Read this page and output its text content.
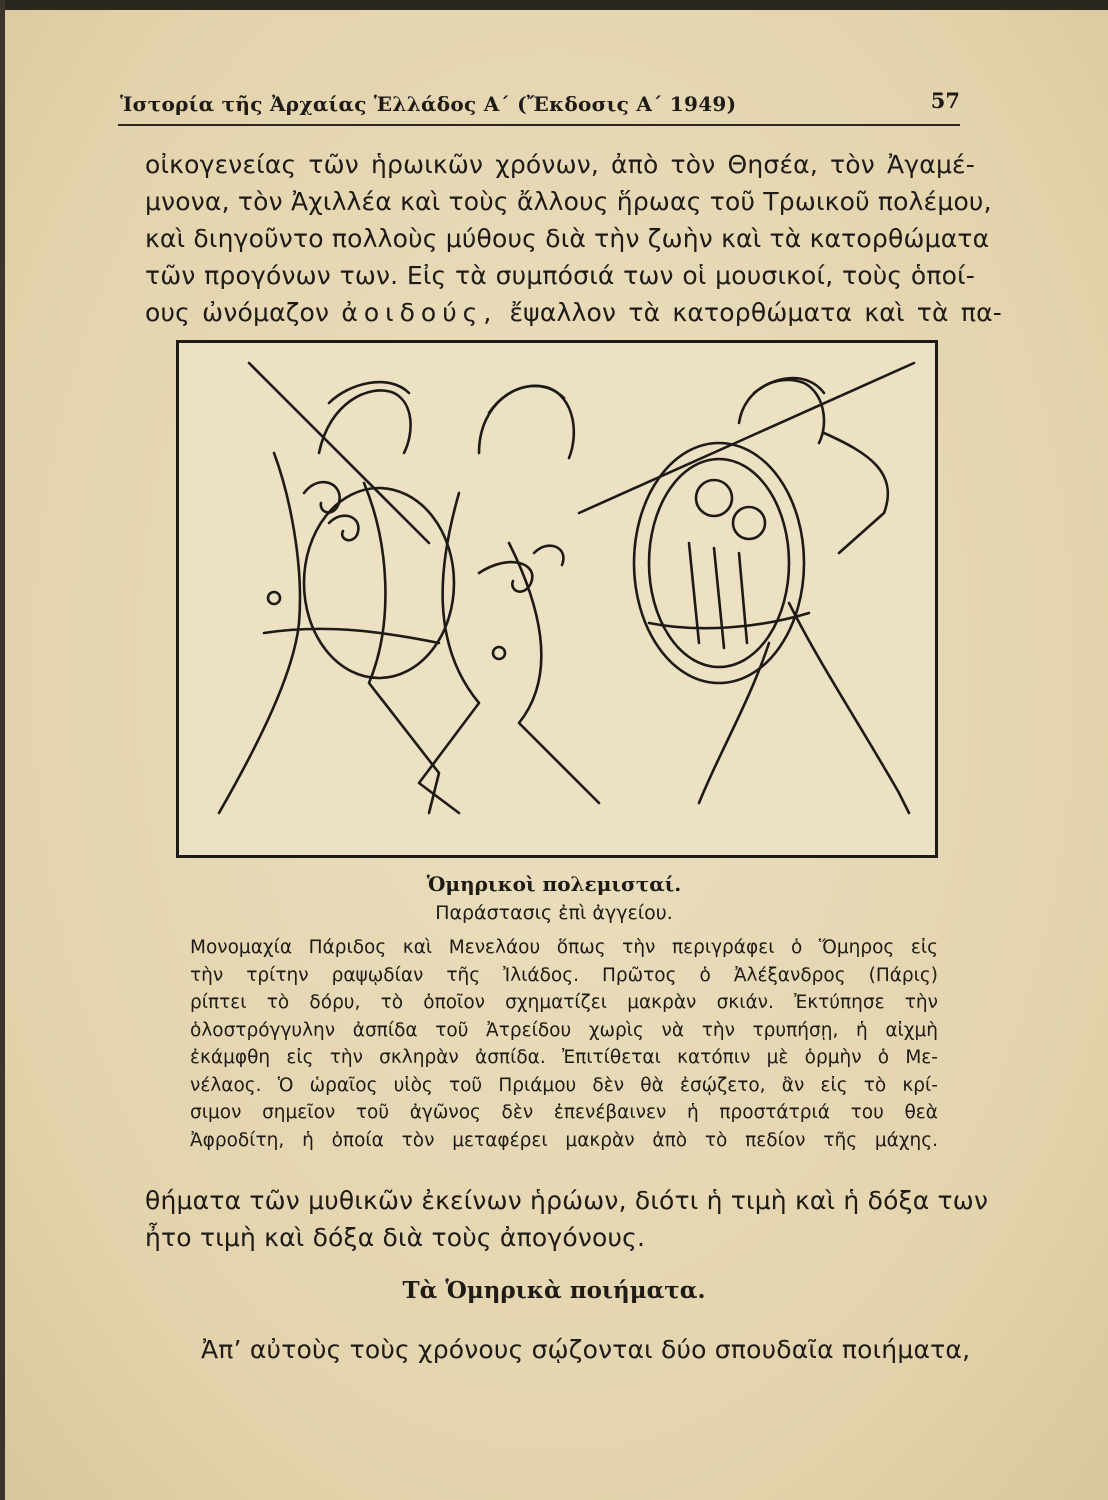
Ἱστορία τῆς Ἀρχαίας Ἑλλάδος Α΄ (Ἔκδοσις Α΄ 1949)	57
οἰκογενείας τῶν ἡρωικῶν χρόνων, ἀπὸ τὸν Θησέα, τὸν Ἀγαμέ-
μνονα, τὸν Ἀχιλλέα καὶ τοὺς ἄλλους ἥρωας τοῦ Τρωικοῦ πολέμου,
καὶ διηγοῦντο πολλοὺς μύθους διὰ τὴν ζωὴν καὶ τὰ κατορθώματα
τῶν προγόνων των. Εἰς τὰ συμπόσιά των οἱ μουσικοί, τοὺς ὁποί-
ους ὠνόμαζον ἀοιδούς, ἔψαλλον τὰ κατορθώματα καὶ τὰ πα-
Ὁμηρικοὶ πολεμισταί.
Παράστασις ἐπὶ ἀγγείου.
Μονομαχία Πάριδος καὶ Μενελάου ὅπως τὴν περιγράφει ὁ Ὅμηρος εἰς
τὴν τρίτην ραψῳδίαν τῆς Ἰλιάδος. Πρῶτος ὁ Ἀλέξανδρος (Πάρις)
ρίπτει τὸ δόρυ, τὸ ὁποῖον σχηματίζει μακρὰν σκιάν. Ἐκτύπησε τὴν
ὁλοστρόγγυλην ἀσπίδα τοῦ Ἀτρείδου χωρὶς νὰ τὴν τρυπήσῃ, ἡ αἰχμὴ
ἐκάμφθη εἰς τὴν σκληρὰν ἀσπίδα. Ἐπιτίθεται κατόπιν μὲ ὁρμὴν ὁ Με-
νέλαος. Ὁ ὡραῖος υἱὸς τοῦ Πριάμου δὲν θὰ ἐσῴζετο, ἂν εἰς τὸ κρί-
σιμον σημεῖον τοῦ ἀγῶνος δὲν ἐπενέβαινεν ἡ προστάτριά του θεὰ
Ἀφροδίτη, ἡ ὁποία τὸν μεταφέρει μακρὰν ἀπὸ τὸ πεδίον τῆς μάχης.
θήματα τῶν μυθικῶν ἐκείνων ἡρώων, διότι ἡ τιμὴ καὶ ἡ δόξα των
ἦτο τιμὴ καὶ δόξα διὰ τοὺς ἀπογόνους.
Τὰ Ὁμηρικὰ ποιήματα.
Ἀπ’ αὐτοὺς τοὺς χρόνους σῴζονται δύο σπουδαῖα ποιήματα,
